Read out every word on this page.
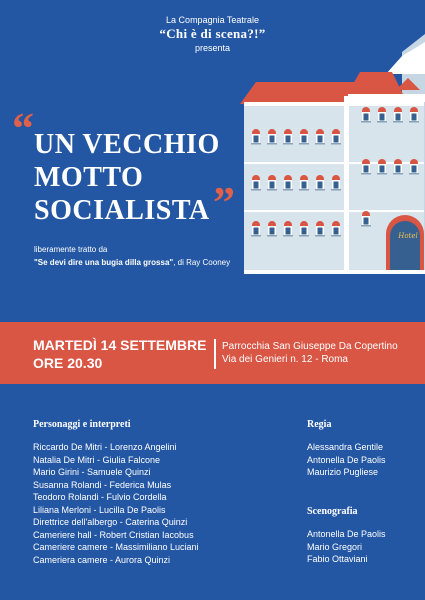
La Compagnia Teatrale
“Chi è di scena?!”
presenta
“ UN VECCHIO
MOTTO
SOCIALISTA ”
liberamente tratto da
"Se devi dire una bugia dilla grossa", di Ray Cooney
Hotel
MARTEDÌ 14 SETTEMBRE
ORE 20.30
Parrocchia San Giuseppe Da Copertino
Via dei Genieri n. 12 - Roma
Personaggi e interpreti
Riccardo De Mitri - Lorenzo Angelini
Natalia De Mitri - Giulia Falcone
Mario Girini - Samuele Quinzi
Susanna Rolandi - Federica Mulas
Teodoro Rolandi - Fulvio Cordella
Liliana Merloni - Lucilla De Paolis
Direttrice dell'albergo - Caterina Quinzi
Cameriere hall - Robert Cristian Iacobus
Cameriere camere - Massimiliano Luciani
Cameriera camere - Aurora Quinzi
Regia
Alessandra Gentile
Antonella De Paolis
Maurizio Pugliese
Scenografia
Antonella De Paolis
Mario Gregori
Fabio Ottaviani
